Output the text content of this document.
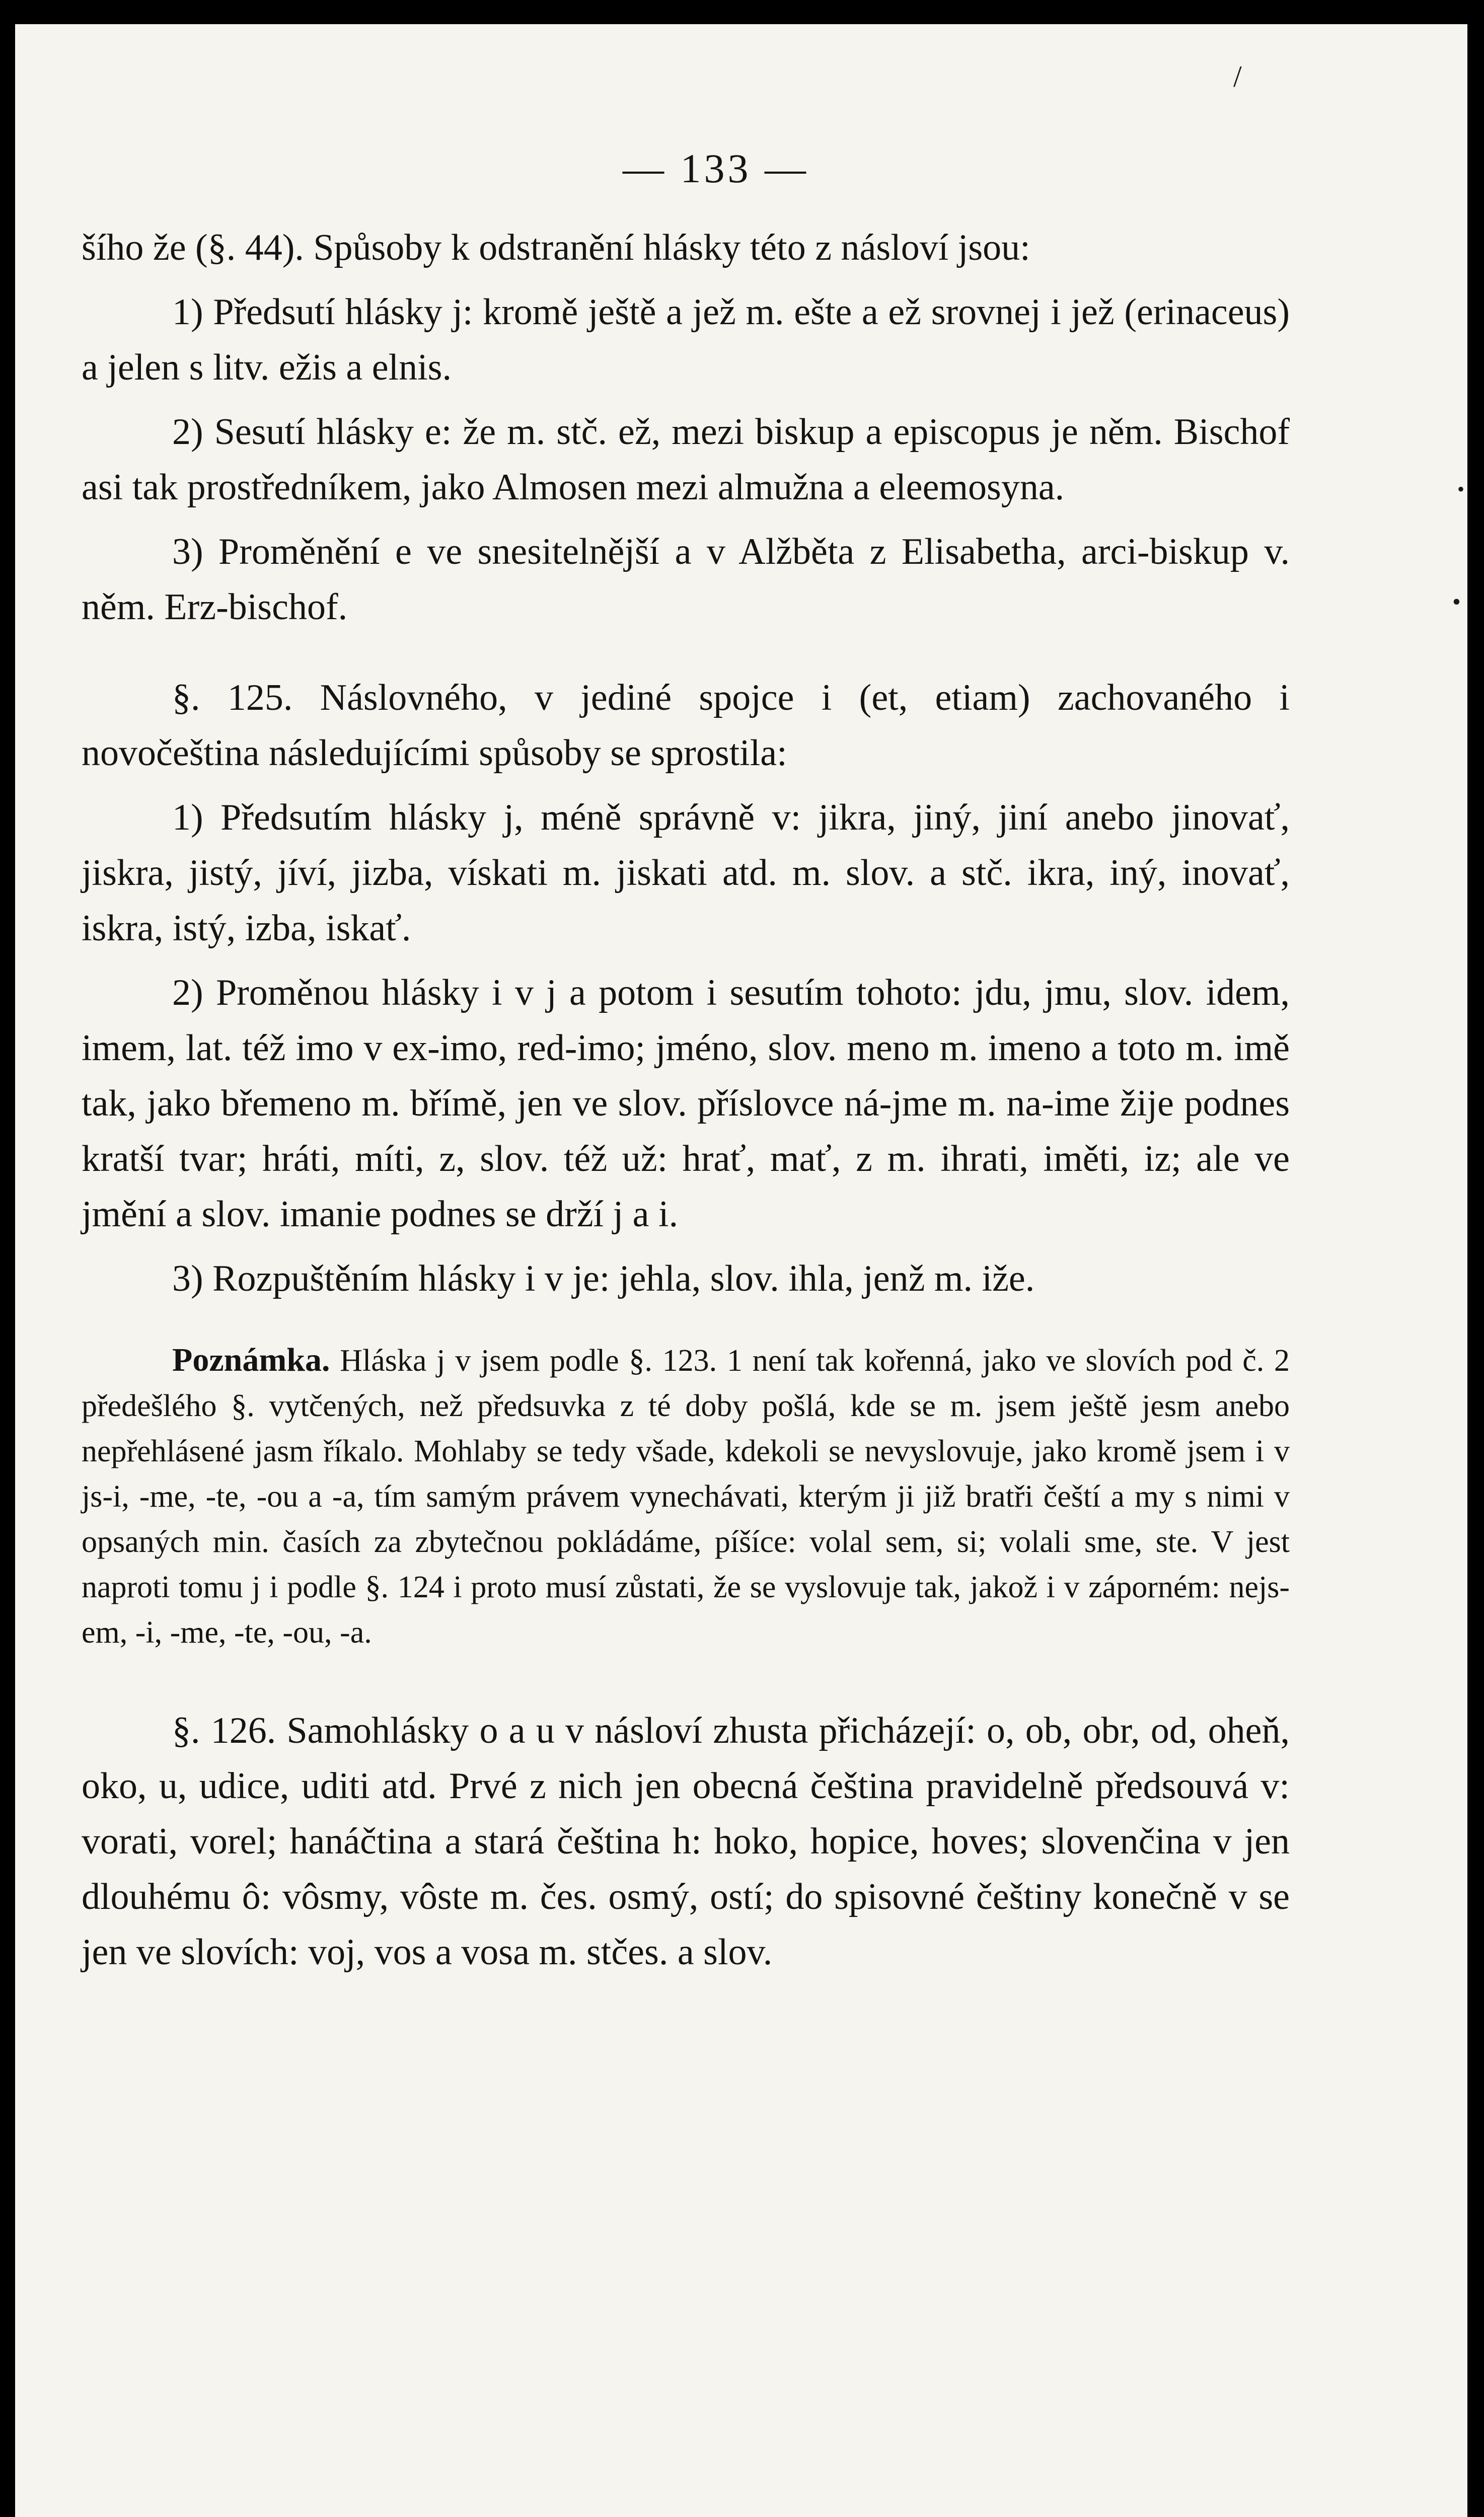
/
•
•
— 133 —

šího že (§. 44). Spůsoby k odstranění hlásky této z násloví jsou:

1) Předsutí hlásky j: kromě ještě a jež m. ešte a ež srovnej i jež (erinaceus) a jelen s litv. ežis a elnis.

2) Sesutí hlásky e: že m. stč. ež, mezi biskup a episcopus je něm. Bischof asi tak prostředníkem, jako Almosen mezi almužna a eleemosyna.

3) Proměnění e ve snesitelnější a v Alžběta z Elisabetha, arci-biskup v. něm. Erz-bischof.

§. 125. Náslovného, v jediné spojce i (et, etiam) zachovaného i novočeština následujícími spůsoby se sprostila:

1) Předsutím hlásky j, méně správně v: jikra, jiný, jiní anebo jinovať, jiskra, jistý, jíví, jizba, vískati m. jiskati atd. m. slov. a stč. ikra, iný, inovať, iskra, istý, izba, iskať.

2) Proměnou hlásky i v j a potom i sesutím tohoto: jdu, jmu, slov. idem, imem, lat. též imo v ex-imo, red-imo; jméno, slov. meno m. imeno a toto m. imě tak, jako břemeno m. břímě, jen ve slov. příslovce ná-jme m. na-ime žije podnes kratší tvar; hráti, míti, z, slov. též už: hrať, mať, z m. ihrati, iměti, iz; ale ve jmění a slov. imanie podnes se drží j a i.

3) Rozpuštěním hlásky i v je: jehla, slov. ihla, jenž m. iže.

Poznámka. Hláska j v jsem podle §. 123. 1 není tak kořenná, jako ve slovích pod č. 2 předešlého §. vytčených, než předsuvka z té doby pošlá, kde se m. jsem ještě jesm anebo nepřehlásené jasm říkalo. Mohlaby se tedy všade, kdekoli se nevyslovuje, jako kromě jsem i v js-i, -me, -te, -ou a -a, tím samým právem vynechávati, kterým ji již bratři čeští a my s nimi v opsaných min. časích za zbytečnou pokládáme, píšíce: volal sem, si; volali sme, ste. V jest naproti tomu j i podle §. 124 i proto musí zůstati, že se vyslovuje tak, jakož i v záporném: nejs-em, -i, -me, -te, -ou, -a.

§. 126. Samohlásky o a u v násloví zhusta přicházejí: o, ob, obr, od, oheň, oko, u, udice, uditi atd. Prvé z nich jen obecná čeština pravidelně předsouvá v: vorati, vorel; hanáčtina a stará čeština h: hoko, hopice, hoves; slovenčina v jen dlouhému ô: vôsmy, vôste m. čes. osmý, ostí; do spisovné češtiny konečně v se jen ve slovích: voj, vos a vosa m. stčes. a slov.
